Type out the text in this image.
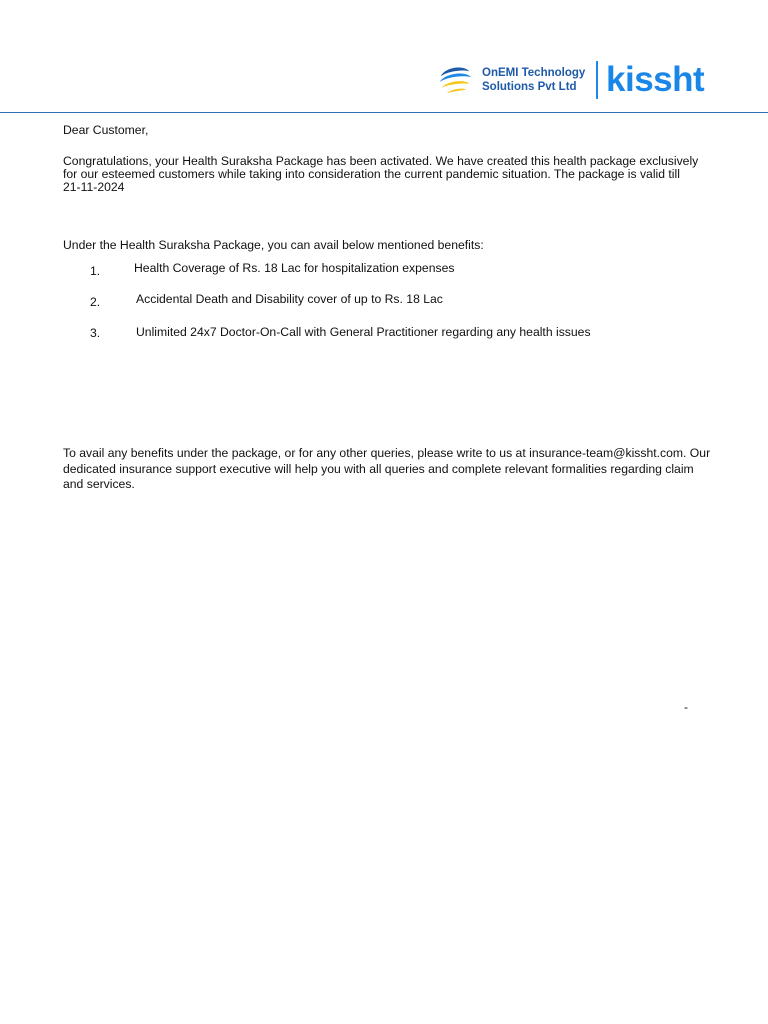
OnEMI Technology
Solutions Pvt Ltd kissht
Dear Customer,
Congratulations, your Health Suraksha Package has been activated. We have created this health package exclusively
for our esteemed customers while taking into consideration the current pandemic situation. The package is valid till
21-11-2024
Under the Health Suraksha Package, you can avail below mentioned benefits:
1.	Health Coverage of Rs. 18 Lac for hospitalization expenses
2.	Accidental Death and Disability cover of up to Rs. 18 Lac
3.	Unlimited 24x7 Doctor-On-Call with General Practitioner regarding any health issues
To avail any benefits under the package, or for any other queries, please write to us at insurance-team@kissht.com. Our
dedicated insurance support executive will help you with all queries and complete relevant formalities regarding claim
and services.
-
